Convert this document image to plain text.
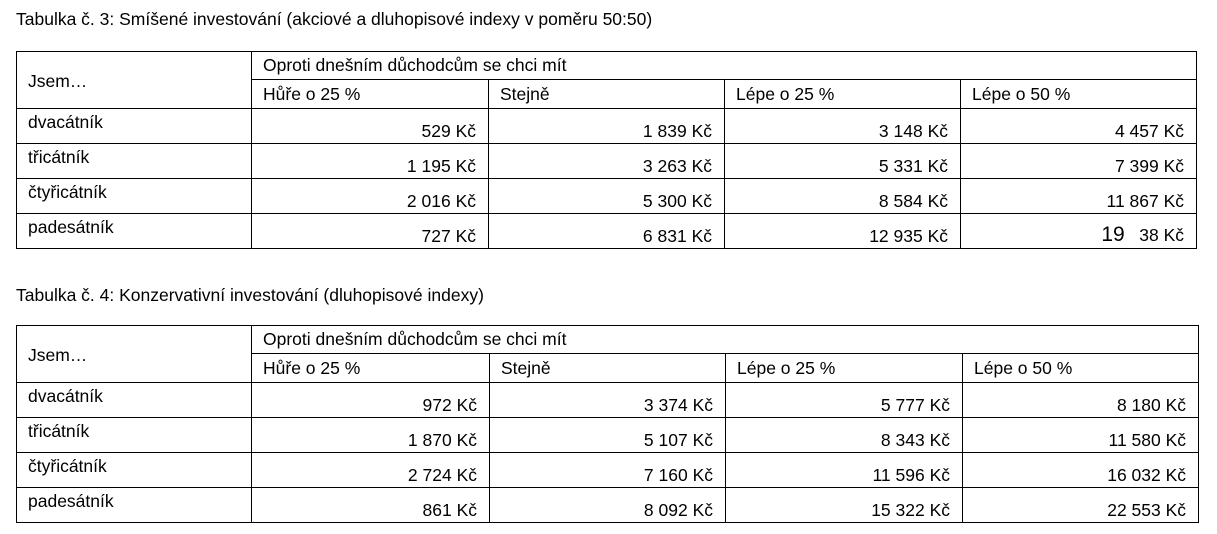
Tabulka č. 3: Smíšené investování (akciové a dluhopisové indexy v poměru 50:50)
Jsem…	Oproti dnešním důchodcům se chci mít			
	Hůře o 25 %	Stejně	Lépe o 25 %	Lépe o 50 %
dvacátník	529 Kč	1 839 Kč	3 148 Kč	4 457 Kč
třicátník	1 195 Kč	3 263 Kč	5 331 Kč	7 399 Kč
čtyřicátník	2 016 Kč	5 300 Kč	8 584 Kč	11 867 Kč
padesátník	727 Kč	6 831 Kč	12 935 Kč	19 38 Kč
Tabulka č. 4: Konzervativní investování (dluhopisové indexy)
Jsem…	Oproti dnešním důchodcům se chci mít			
	Hůře o 25 %	Stejně	Lépe o 25 %	Lépe o 50 %
dvacátník	972 Kč	3 374 Kč	5 777 Kč	8 180 Kč
třicátník	1 870 Kč	5 107 Kč	8 343 Kč	11 580 Kč
čtyřicátník	2 724 Kč	7 160 Kč	11 596 Kč	16 032 Kč
padesátník	861 Kč	8 092 Kč	15 322 Kč	22 553 Kč
